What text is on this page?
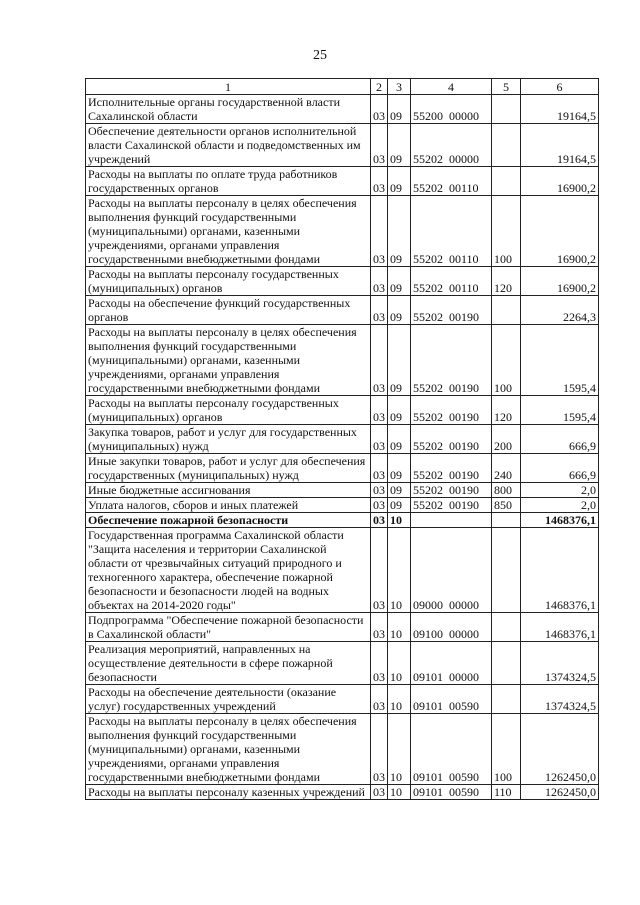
25
1	2	3	4	5	6
Исполнительные органы государственной власти Сахалинской области	03	09	55200 00000		19164,5
Обеспечение деятельности органов исполнительной власти Сахалинской области и подведомственных им учреждений	03	09	55202 00000		19164,5
Расходы на выплаты по оплате труда работников государственных органов	03	09	55202 00110		16900,2
Расходы на выплаты персоналу в целях обеспечения выполнения функций государственными (муниципальными) органами, казенными учреждениями, органами управления государственными внебюджетными фондами	03	09	55202 00110	100	16900,2
Расходы на выплаты персоналу государственных (муниципальных) органов	03	09	55202 00110	120	16900,2
Расходы на обеспечение функций государственных органов	03	09	55202 00190		2264,3
Расходы на выплаты персоналу в целях обеспечения выполнения функций государственными (муниципальными) органами, казенными учреждениями, органами управления государственными внебюджетными фондами	03	09	55202 00190	100	1595,4
Расходы на выплаты персоналу государственных (муниципальных) органов	03	09	55202 00190	120	1595,4
Закупка товаров, работ и услуг для государственных (муниципальных) нужд	03	09	55202 00190	200	666,9
Иные закупки товаров, работ и услуг для обеспечения государственных (муниципальных) нужд	03	09	55202 00190	240	666,9
Иные бюджетные ассигнования	03	09	55202 00190	800	2,0
Уплата налогов, сборов и иных платежей	03	09	55202 00190	850	2,0
Обеспечение пожарной безопасности	03	10			1468376,1
Государственная программа Сахалинской области "Защита населения и территории Сахалинской области от чрезвычайных ситуаций природного и техногенного характера, обеспечение пожарной безопасности и безопасности людей на водных объектах на 2014-2020 годы"	03	10	09000 00000		1468376,1
Подпрограмма "Обеспечение пожарной безопасности в Сахалинской области"	03	10	09100 00000		1468376,1
Реализация мероприятий, направленных на осуществление деятельности в сфере пожарной безопасности	03	10	09101 00000		1374324,5
Расходы на обеспечение деятельности (оказание услуг) государственных учреждений	03	10	09101 00590		1374324,5
Расходы на выплаты персоналу в целях обеспечения выполнения функций государственными (муниципальными) органами, казенными учреждениями, органами управления государственными внебюджетными фондами	03	10	09101 00590	100	1262450,0
Расходы на выплаты персоналу казенных учреждений	03	10	09101 00590	110	1262450,0
